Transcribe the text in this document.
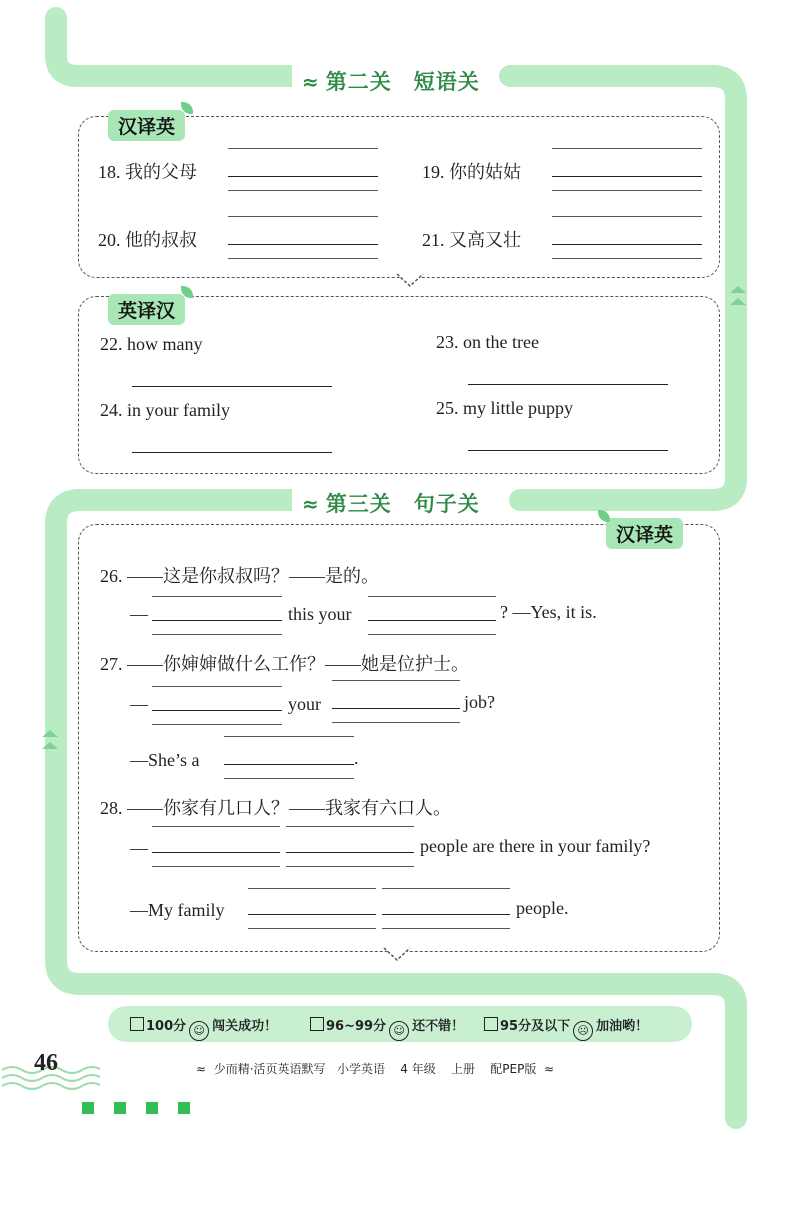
≈ 第二关　短语关
汉译英
18. 我的父母	19. 你的姑姑
20. 他的叔叔	21. 又高又壮
英译汉
22. how many	23. on the tree
24. in your family	25. my little puppy
≈ 第三关　句子关
汉译英
26. ——这是你叔叔吗？——是的。
—	this your	? —Yes, it is.
27. ——你婶婶做什么工作？——她是位护士。
—	your	job?
—She’s a	.
28. ——你家有几口人？——我家有六口人。
—	people are there in your family?
—My family	people.
100分 ☺ 闯关成功！	96~99分 ☺ 还不错！	95分及以下 ☹ 加油哟！
46	≈ 少而精·活页英语默写 小学英语 4 年级 上册 配PEP版 ≈
